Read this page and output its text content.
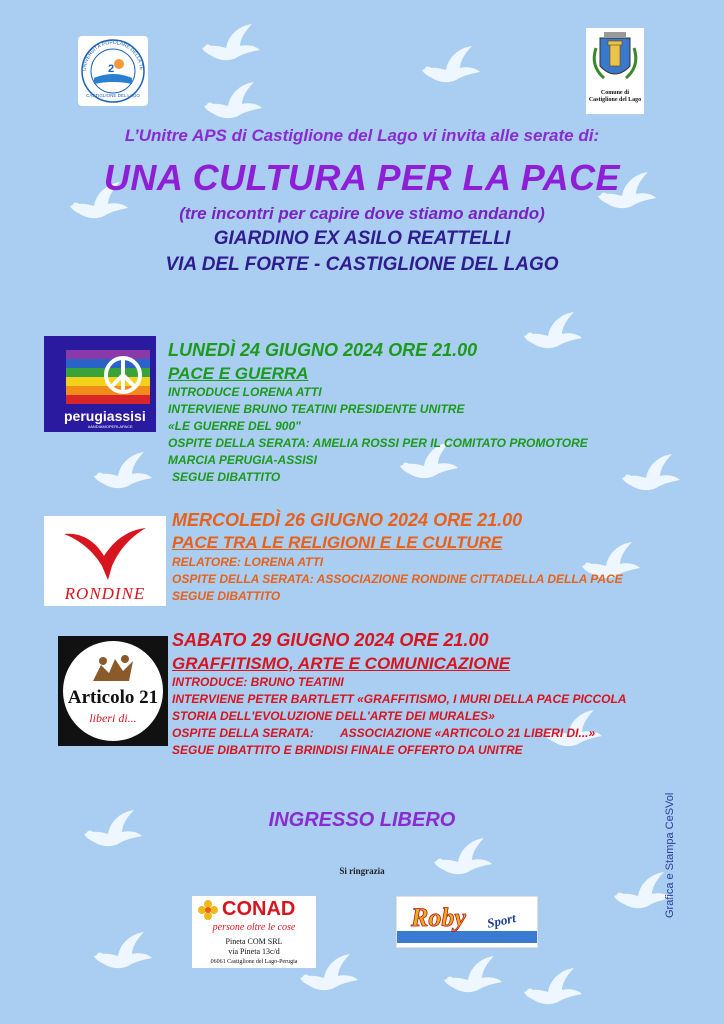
2
UNIVERSITÀ POPOLARE DELLA TE
CASTIGLIONE DEL LAGO	Comune di
Castiglione del Lago
L’Unitre APS di Castiglione del Lago vi invita alle serate di:
UNA CULTURA PER LA PACE
(tre incontri per capire dove stiamo andando)
GIARDINO EX ASILO REATTELLI
VIA DEL FORTE - CASTIGLIONE DEL LAGO
perugiassisi
#ANDIAMOPERLAPACE
LUNEDÌ 24 GIUGNO 2024 ORE 21.00
PACE E GUERRA
INTRODUCE LORENA ATTI
INTERVIENE BRUNO TEATINI PRESIDENTE UNITRE
«LE GUERRE DEL 900"
OSPITE DELLA SERATA: AMELIA ROSSI PER IL COMITATO PROMOTORE
MARCIA PERUGIA-ASSISI
SEGUE DIBATTITO
RONDINE
MERCOLEDÌ 26 GIUGNO 2024 ORE 21.00
PACE TRA LE RELIGIONI E LE CULTURE
RELATORE: LORENA ATTI
OSPITE DELLA SERATA: ASSOCIAZIONE RONDINE CITTADELLA DELLA PACE
SEGUE DIBATTITO
Articolo 21
liberi di...
SABATO 29 GIUGNO 2024 ORE 21.00
GRAFFITISMO, ARTE E COMUNICAZIONE
INTRODUCE: BRUNO TEATINI
INTERVIENE PETER BARTLETT «GRAFFITISMO, I MURI DELLA PACE PICCOLA
STORIA DELL'EVOLUZIONE DELL'ARTE DEI MURALES»
OSPITE DELLA SERATA:        ASSOCIAZIONE «ARTICOLO 21 LIBERI DI...»
SEGUE DIBATTITO E BRINDISI FINALE OFFERTO DA UNITRE
INGRESSO LIBERO
Si ringrazia
CONAD
persone oltre le cose
Pineta COM SRL
via Pineta 13c/d
06061 Castiglione del Lago-Perugia
Roby Sport
Grafica e Stampa CeSVol
